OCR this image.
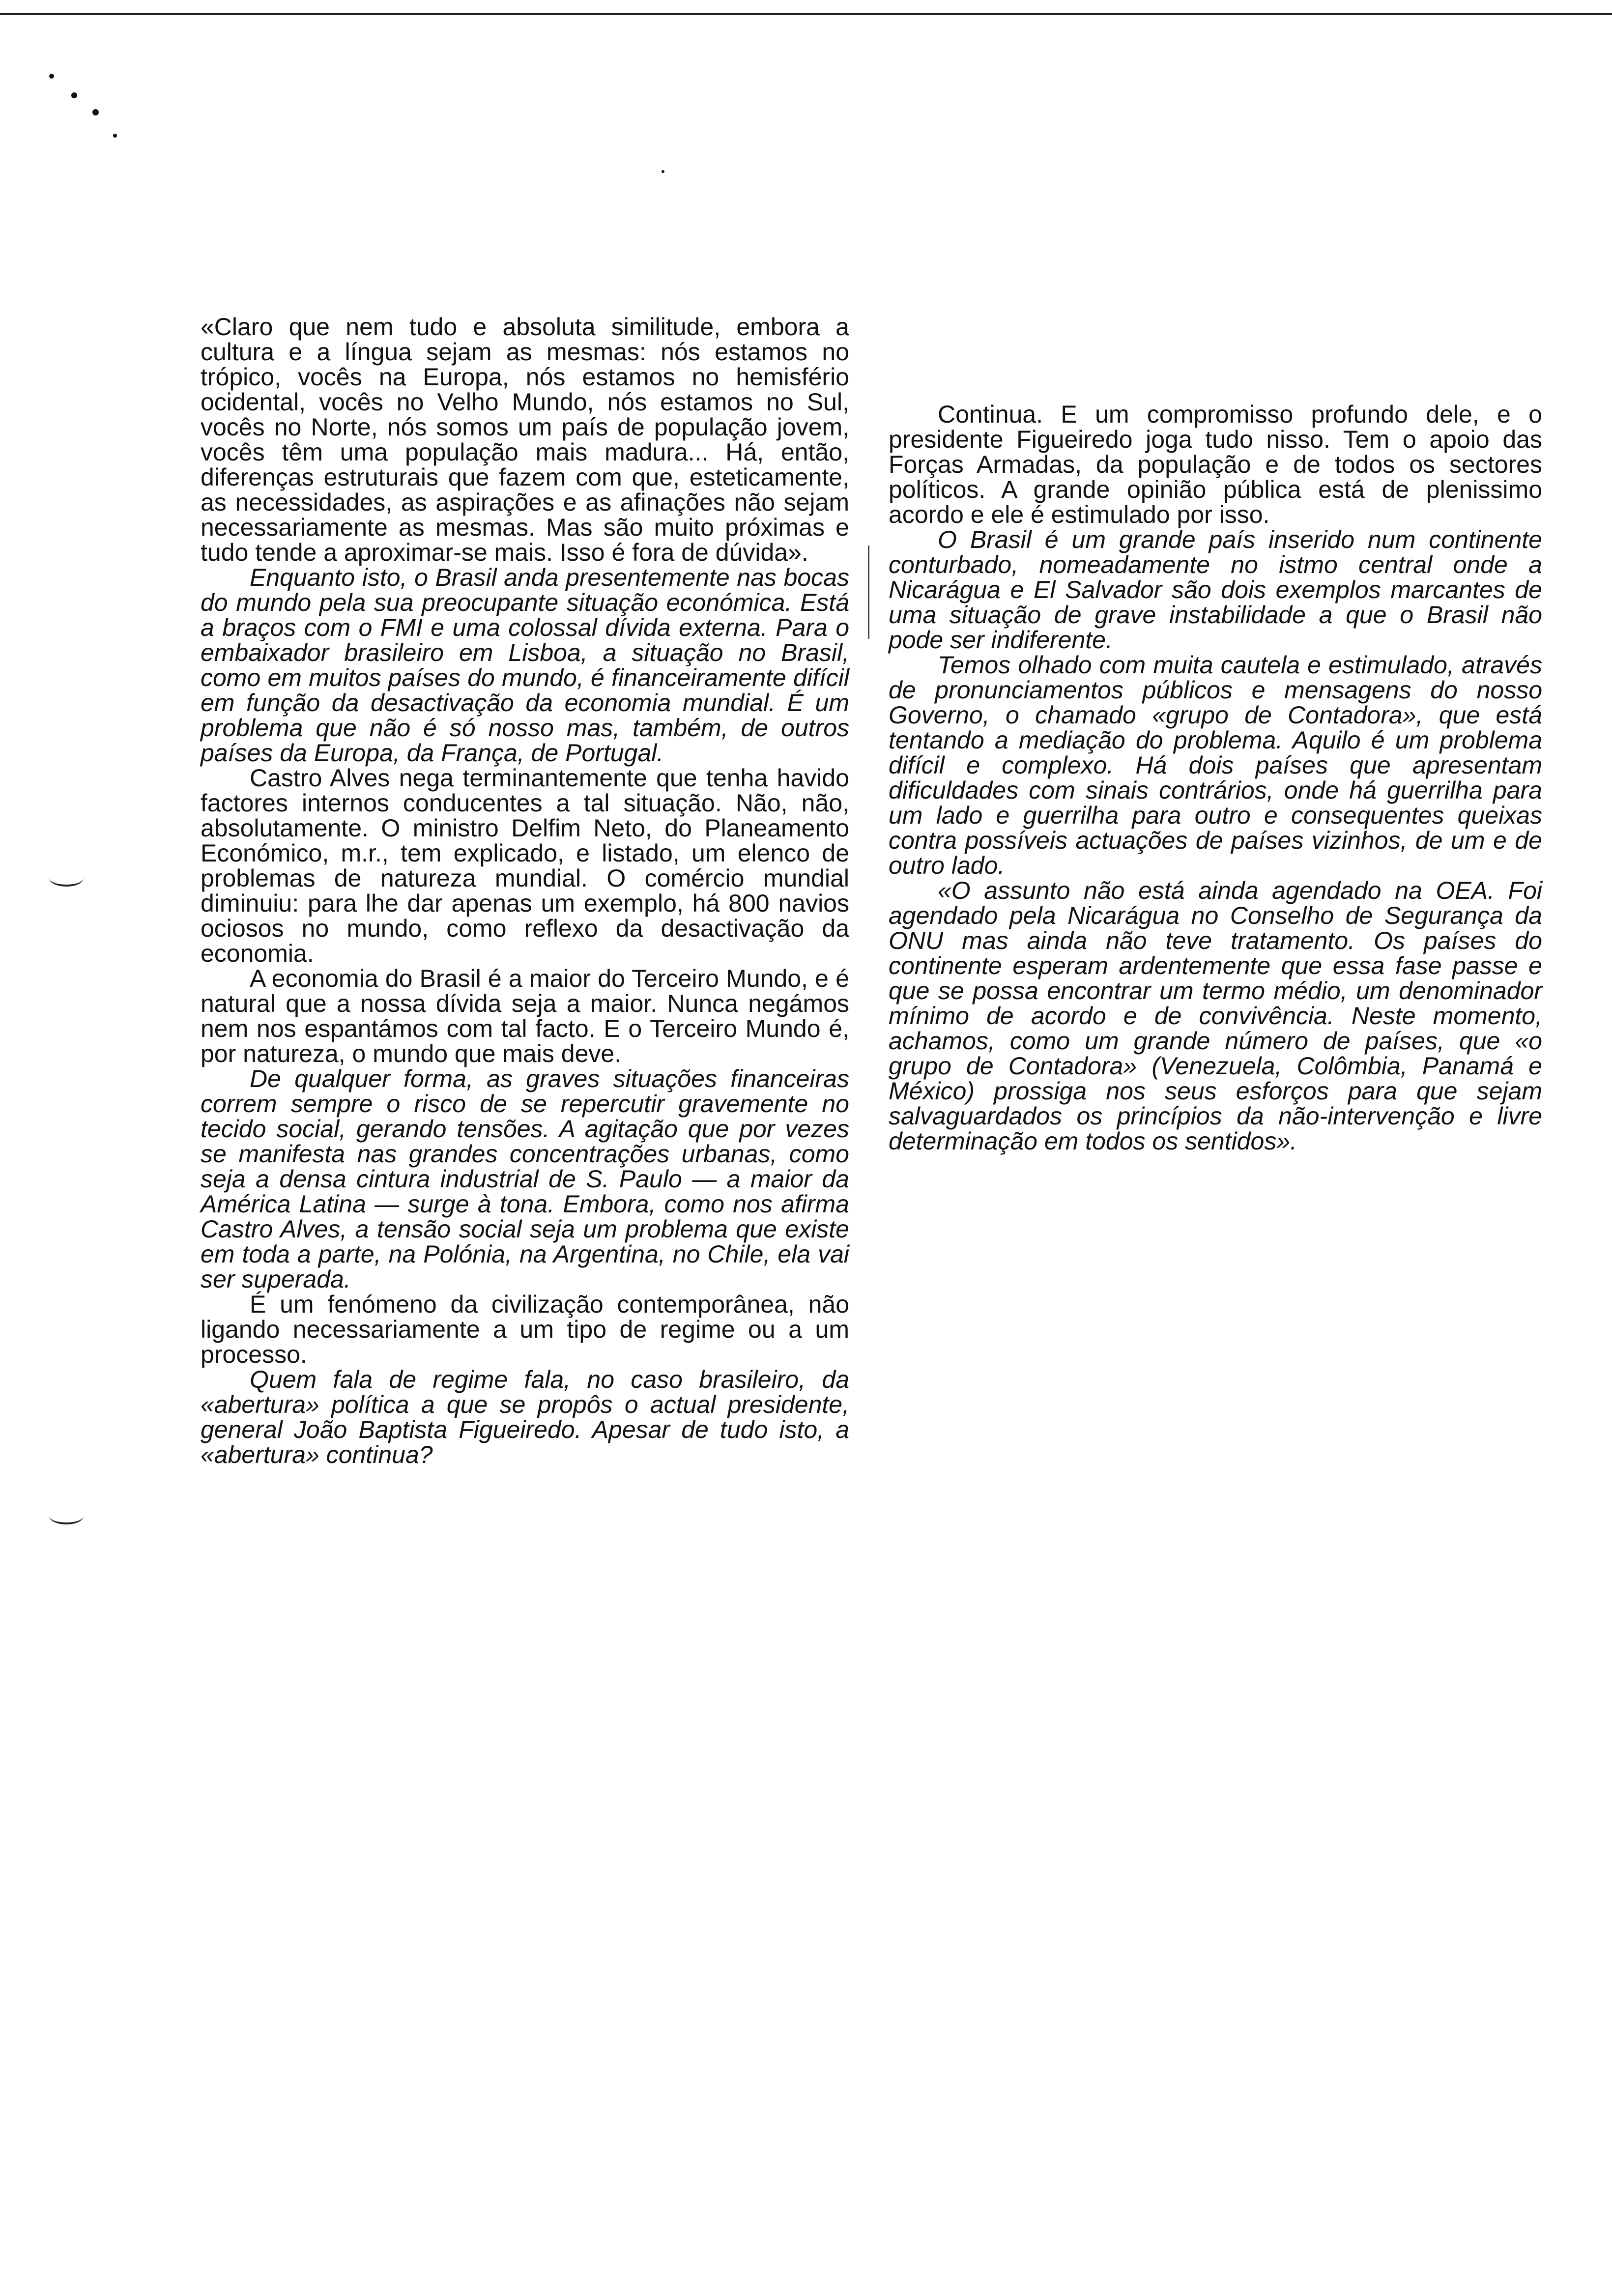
«Claro que nem tudo e absoluta similitude, embora a cultura e a língua sejam as mesmas: nós estamos no trópico, vocês na Europa, nós estamos no hemisfério ocidental, vocês no Velho Mundo, nós estamos no Sul, vocês no Norte, nós somos um país de população jovem, vocês têm uma população mais madura... Há, então, diferenças estruturais que fazem com que, esteticamente, as necessidades, as aspirações e as afinações não sejam necessariamente as mesmas. Mas são muito próximas e tudo tende a aproximar-se mais. Isso é fora de dúvida».

Enquanto isto, o Brasil anda presentemente nas bocas do mundo pela sua preocupante situação económica. Está a braços com o FMI e uma colossal dívida externa. Para o embaixador brasileiro em Lisboa, a situação no Brasil, como em muitos países do mundo, é financeiramente difícil em função da desactivação da economia mundial. É um problema que não é só nosso mas, também, de outros países da Europa, da França, de Portugal.

Castro Alves nega terminantemente que tenha havido factores internos conducentes a tal situação. Não, não, absolutamente. O ministro Delfim Neto, do Planeamento Económico, m.r., tem explicado, e listado, um elenco de problemas de natureza mundial. O comércio mundial diminuiu: para lhe dar apenas um exemplo, há 800 navios ociosos no mundo, como reflexo da desactivação da economia.

A economia do Brasil é a maior do Terceiro Mundo, e é natural que a nossa dívida seja a maior. Nunca negámos nem nos espantámos com tal facto. E o Terceiro Mundo é, por natureza, o mundo que mais deve.

De qualquer forma, as graves situações financeiras correm sempre o risco de se repercutir gravemente no tecido social, gerando tensões. A agitação que por vezes se manifesta nas grandes concentrações urbanas, como seja a densa cintura industrial de S. Paulo — a maior da América Latina — surge à tona. Embora, como nos afirma Castro Alves, a tensão social seja um problema que existe em toda a parte, na Polónia, na Argentina, no Chile, ela vai ser superada.

É um fenómeno da civilização contemporânea, não ligando necessariamente a um tipo de regime ou a um processo.

Quem fala de regime fala, no caso brasileiro, da «abertura» política a que se propôs o actual presidente, general João Baptista Figueiredo. Apesar de tudo isto, a «abertura» continua?

Continua. E um compromisso profundo dele, e o presidente Figueiredo joga tudo nisso. Tem o apoio das Forças Armadas, da população e de todos os sectores políticos. A grande opinião pública está de plenissimo acordo e ele é estimulado por isso.

O Brasil é um grande país inserido num continente conturbado, nomeadamente no istmo central onde a Nicarágua e El Salvador são dois exemplos marcantes de uma situação de grave instabilidade a que o Brasil não pode ser indiferente.

Temos olhado com muita cautela e estimulado, através de pronunciamentos públicos e mensagens do nosso Governo, o chamado «grupo de Contadora», que está tentando a mediação do problema. Aquilo é um problema difícil e complexo. Há dois países que apresentam dificuldades com sinais contrários, onde há guerrilha para um lado e guerrilha para outro e consequentes queixas contra possíveis actuações de países vizinhos, de um e de outro lado.

«O assunto não está ainda agendado na OEA. Foi agendado pela Nicarágua no Conselho de Segurança da ONU mas ainda não teve tratamento. Os países do continente esperam ardentemente que essa fase passe e que se possa encontrar um termo médio, um denominador mínimo de acordo e de convivência. Neste momento, achamos, como um grande número de países, que «o grupo de Contadora» (Venezuela, Colômbia, Panamá e México) prossiga nos seus esforços para que sejam salvaguardados os princípios da não-intervenção e livre determinação em todos os sentidos».
